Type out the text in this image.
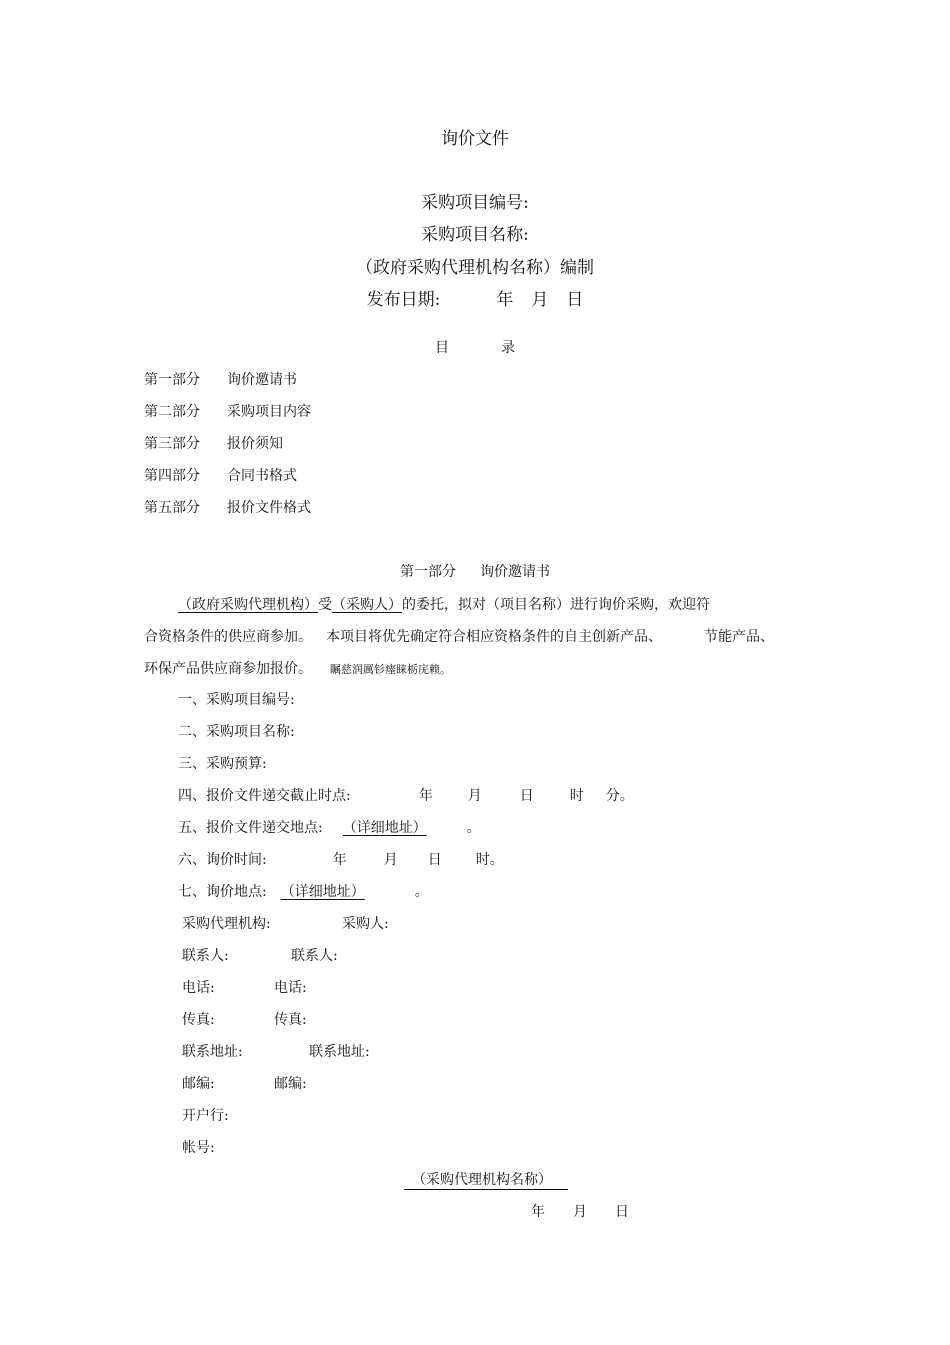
询价文件
采购项目编号:
采购项目名称:
（政府采购代理机构名称）编制
发布日期:	年 月 日
目	录
第一部分 询价邀请书
第二部分 采购项目内容
第三部分 报价须知
第四部分 合同书格式
第五部分 报价文件格式
第一部分 询价邀请书
（政府采购代理机构）受（采购人）的委托，拟对（项目名称）进行询价采购，欢迎符
合资格条件的供应商参加。 本项目将优先确定符合相应资格条件的自主创新产品、	节能产品、
环保产品供应商参加报价。 瞩慈润厲钐瘗睐栃庑赖。
一、采购项目编号:
二、采购项目名称:
三、采购预算:
四、报价文件递交截止时点:	年	月	日	时 分。
五、报价文件递交地点: （详细地址）	。
六、询价时间:	年	月 日 时。
七、询价地点: （详细地址）	。
采购代理机构:	采购人:
联系人:	联系人:
电话:	电话:
传真:	传真:
联系地址:	联系地址:
邮编:	邮编:
开户行:
帐号:
（采购代理机构名称）
年 月 日
